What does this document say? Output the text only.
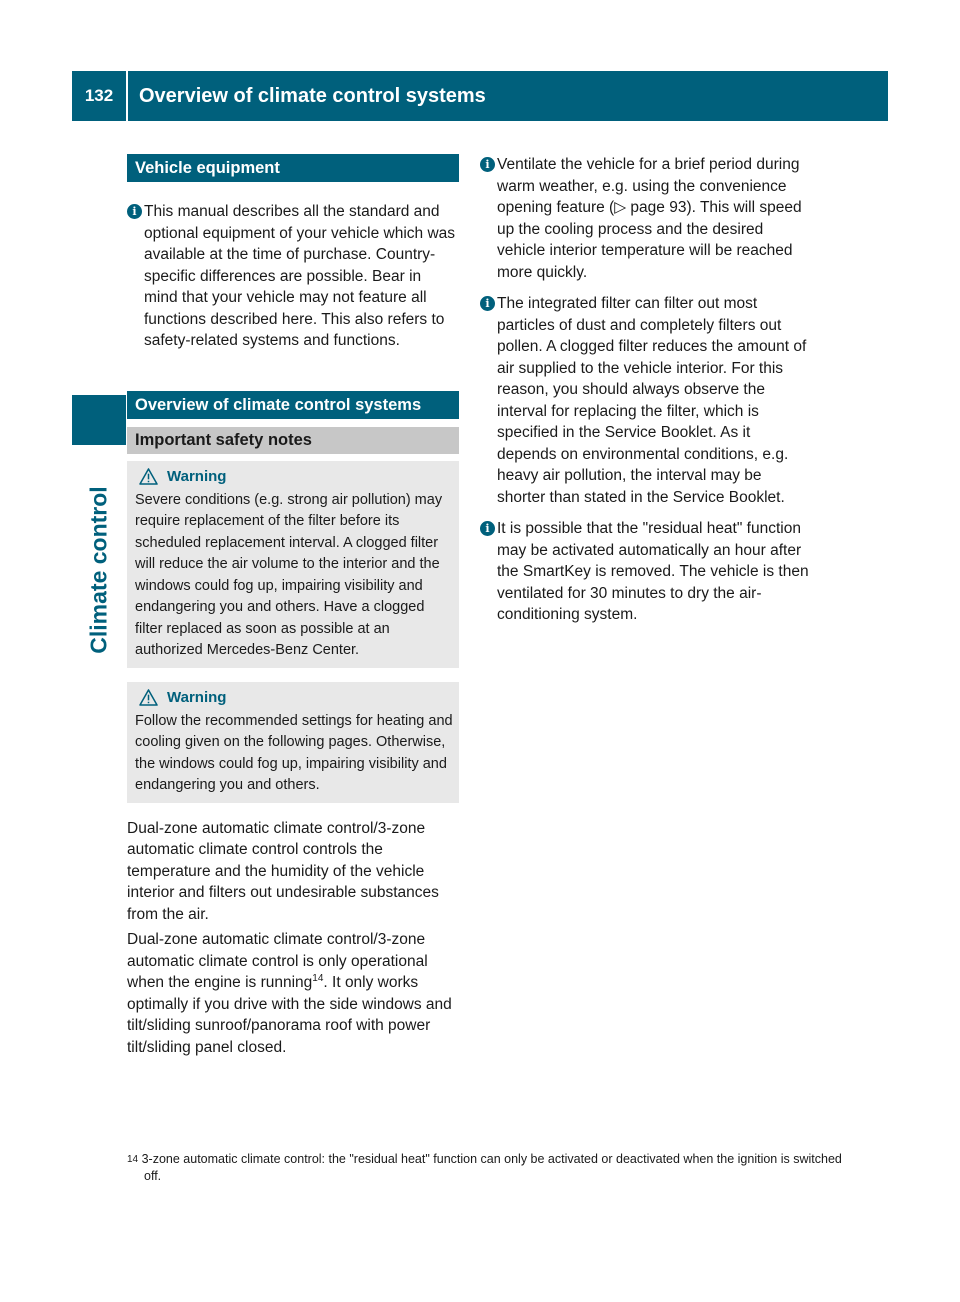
132	Overview of climate control systems
Climate control
Vehicle equipment
i This manual describes all the standard and optional equipment of your vehicle which was available at the time of purchase. Country-specific differences are possible. Bear in mind that your vehicle may not feature all functions described here. This also refers to safety-related systems and functions.
Overview of climate control systems
Important safety notes
Warning
Severe conditions (e.g. strong air pollution) may require replacement of the filter before its scheduled replacement interval. A clogged filter will reduce the air volume to the interior and the windows could fog up, impairing visibility and endangering you and others. Have a clogged filter replaced as soon as possible at an authorized Mercedes-Benz Center.
Warning
Follow the recommended settings for heating and cooling given on the following pages. Otherwise, the windows could fog up, impairing visibility and endangering you and others.
Dual-zone automatic climate control/3-zone automatic climate control controls the temperature and the humidity of the vehicle interior and filters out undesirable substances from the air.
Dual-zone automatic climate control/3-zone automatic climate control is only operational when the engine is running$^{14}$. It only works optimally if you drive with the side windows and tilt/sliding sunroof/panorama roof with power tilt/sliding panel closed.
i Ventilate the vehicle for a brief period during warm weather, e.g. using the convenience opening feature (▷ page 93). This will speed up the cooling process and the desired vehicle interior temperature will be reached more quickly.
i The integrated filter can filter out most particles of dust and completely filters out pollen. A clogged filter reduces the amount of air supplied to the vehicle interior. For this reason, you should always observe the interval for replacing the filter, which is specified in the Service Booklet. As it depends on environmental conditions, e.g. heavy air pollution, the interval may be shorter than stated in the Service Booklet.
i It is possible that the "residual heat" function may be activated automatically an hour after the SmartKey is removed. The vehicle is then ventilated for 30 minutes to dry the air-conditioning system.
$^{14}$ 3-zone automatic climate control: the "residual heat" function can only be activated or deactivated when the ignition is switched off.
